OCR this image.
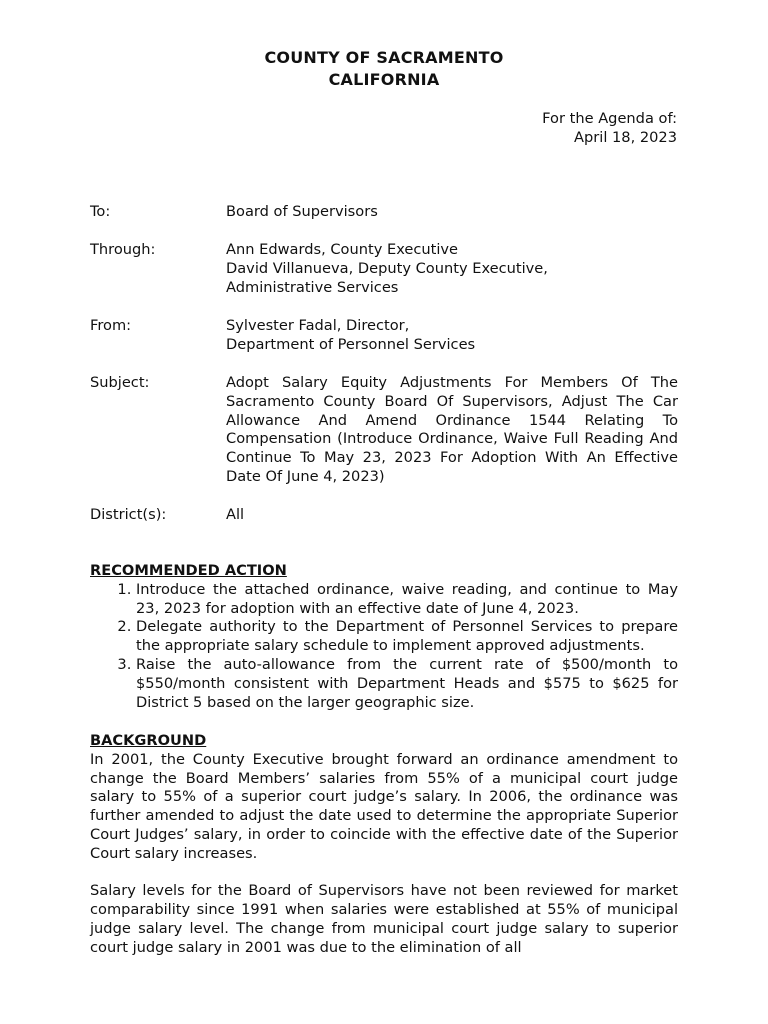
COUNTY OF SACRAMENTO
CALIFORNIA
For the Agenda of:
April 18, 2023
To:	Board of Supervisors
Through:	Ann Edwards, County Executive
David Villanueva, Deputy County Executive,
Administrative Services
From:	Sylvester Fadal, Director,
Department of Personnel Services
Subject:	Adopt Salary Equity Adjustments For Members Of The Sacramento County Board Of Supervisors, Adjust The Car Allowance And Amend Ordinance 1544 Relating To Compensation (Introduce Ordinance, Waive Full Reading And Continue To May 23, 2023 For Adoption With An Effective Date Of June 4, 2023)
District(s):	All
RECOMMENDED ACTION
1. Introduce the attached ordinance, waive reading, and continue to May 23, 2023 for adoption with an effective date of June 4, 2023.
2. Delegate authority to the Department of Personnel Services to prepare the appropriate salary schedule to implement approved adjustments.
3. Raise the auto-allowance from the current rate of $500/month to $550/month consistent with Department Heads and $575 to $625 for District 5 based on the larger geographic size.
BACKGROUND

In 2001, the County Executive brought forward an ordinance amendment to change the Board Members’ salaries from 55% of a municipal court judge salary to 55% of a superior court judge’s salary. In 2006, the ordinance was further amended to adjust the date used to determine the appropriate Superior Court Judges’ salary, in order to coincide with the effective date of the Superior Court salary increases.

Salary levels for the Board of Supervisors have not been reviewed for market comparability since 1991 when salaries were established at 55% of municipal judge salary level. The change from municipal court judge salary to superior court judge salary in 2001 was due to the elimination of all
